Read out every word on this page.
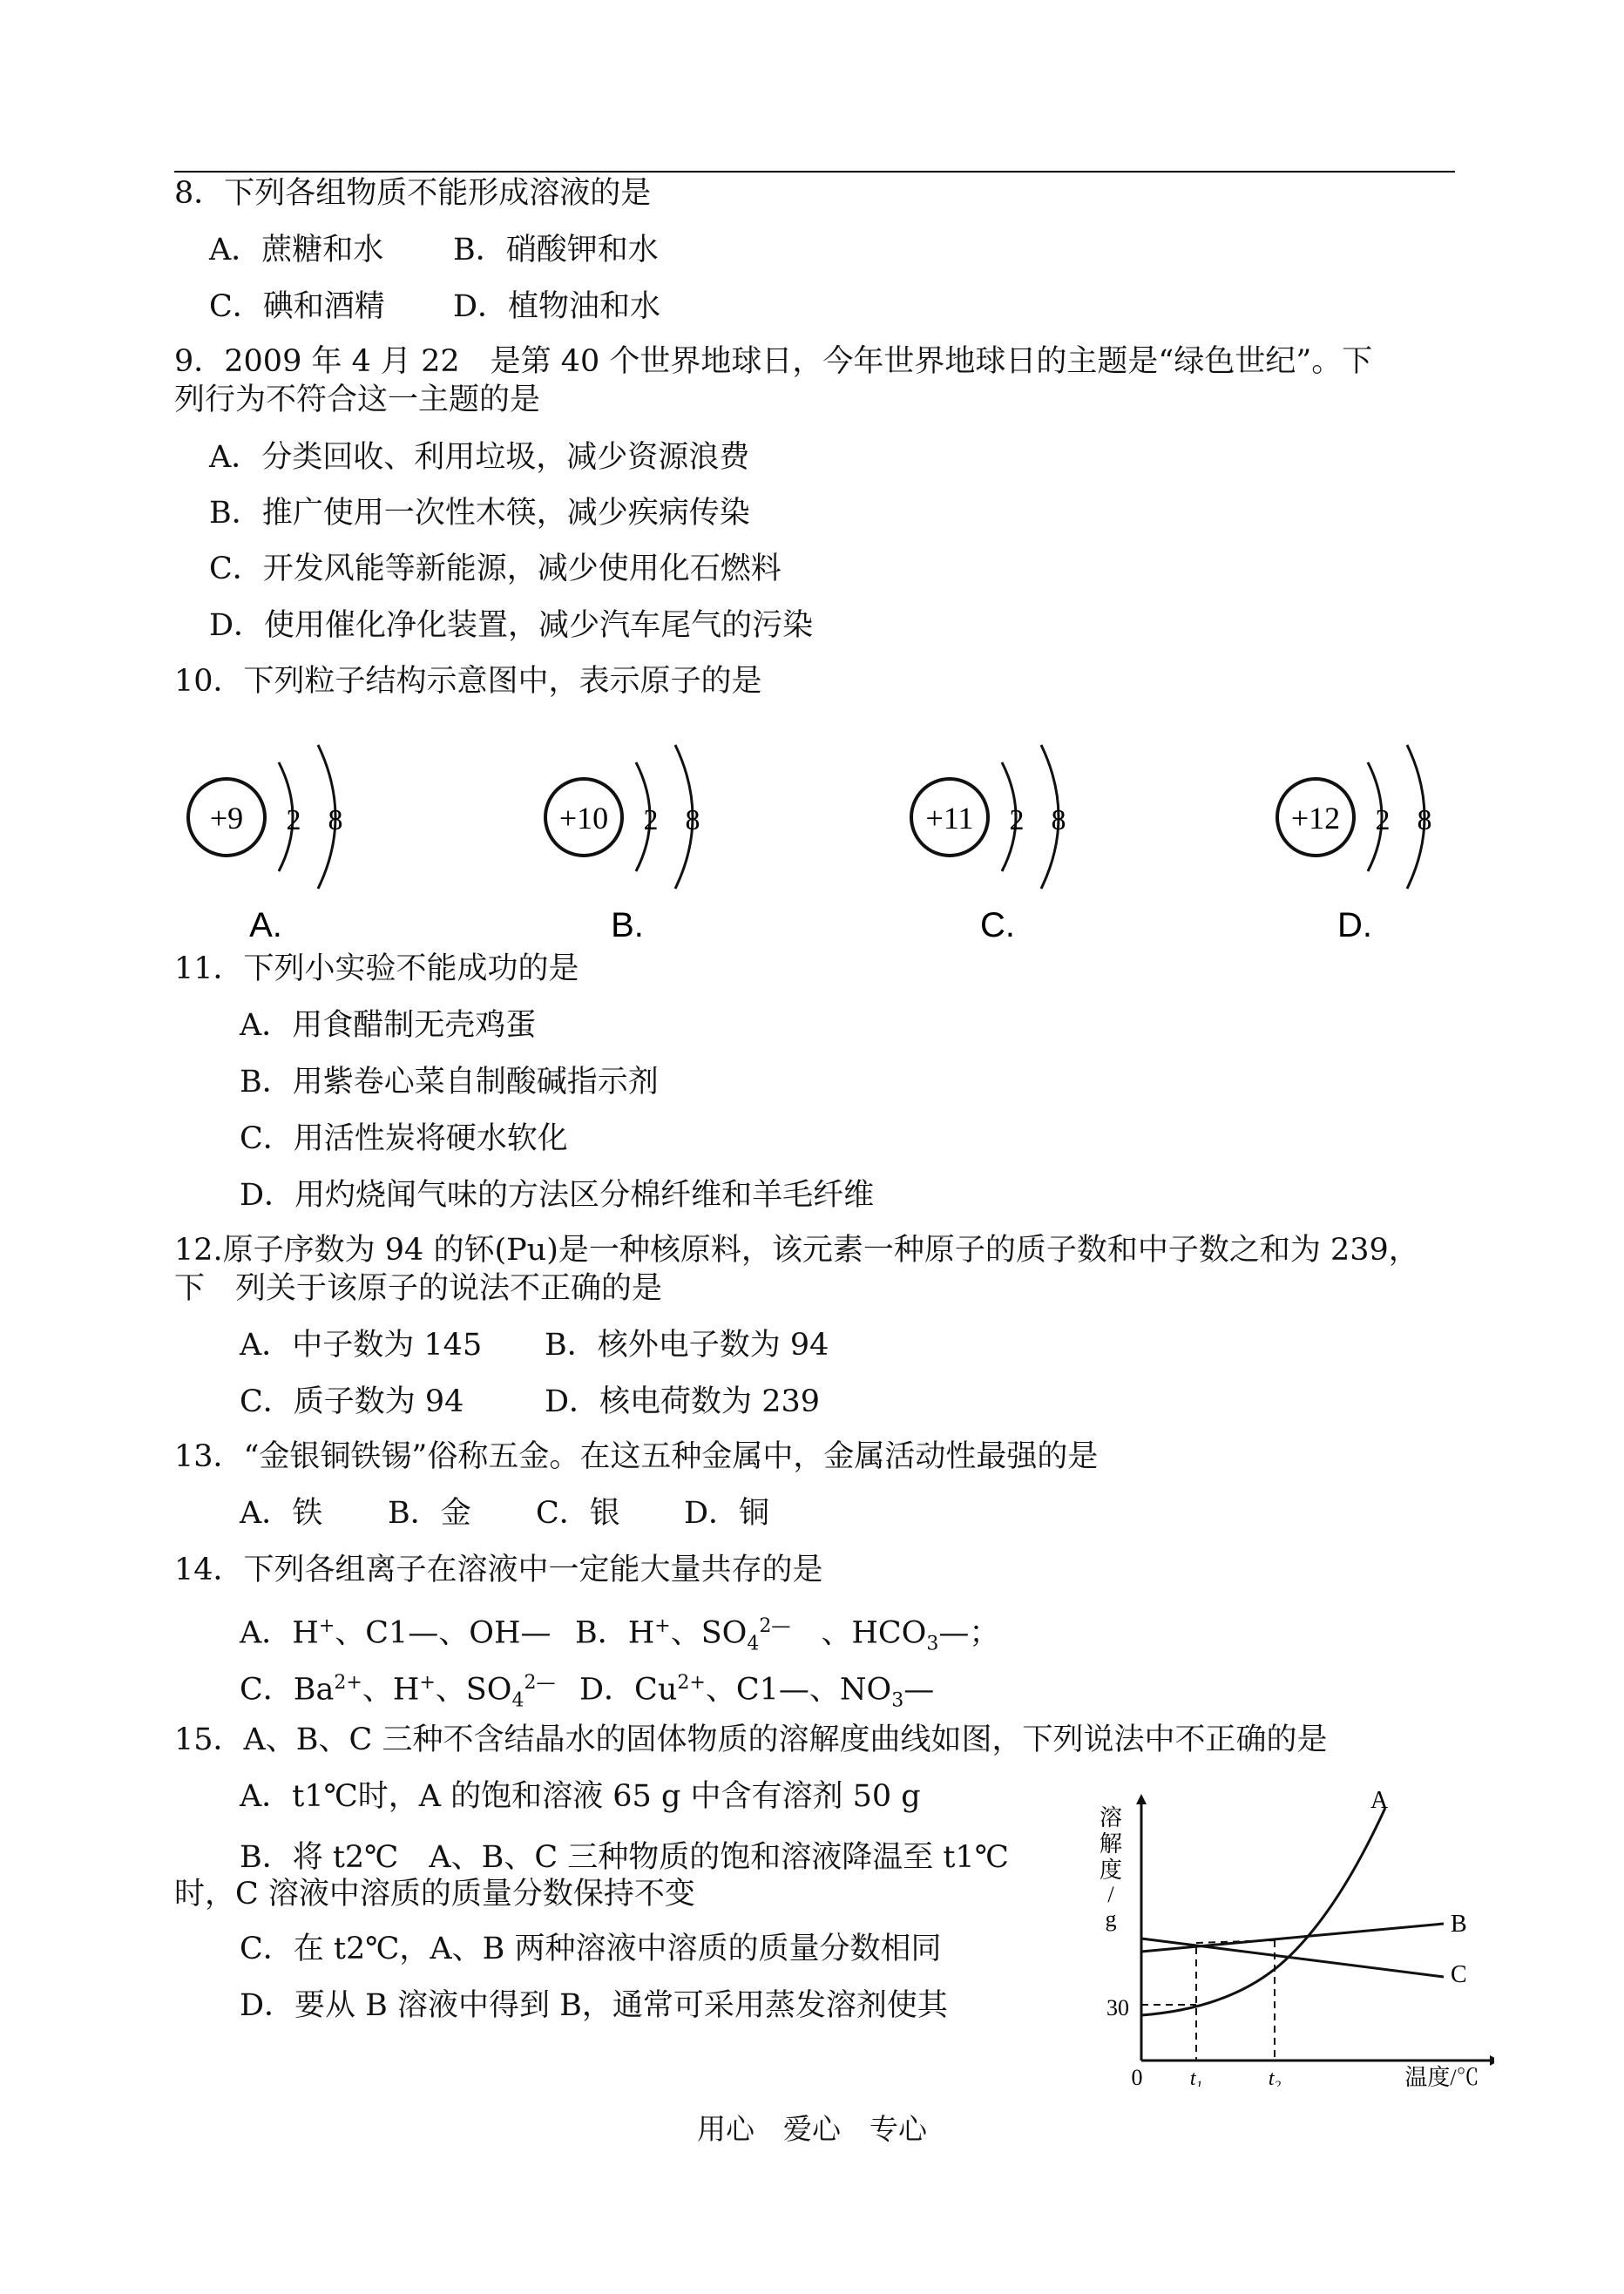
8．下列各组物质不能形成溶液的是
A．蔗糖和水 B．硝酸钾和水
C．碘和酒精 D．植物油和水
9．2009 年 4 月 22　是第 40 个世界地球日，今年世界地球日的主题是“绿色世纪”。下
列行为不符合这一主题的是
A．分类回收、利用垃圾，减少资源浪费
B．推广使用一次性木筷，减少疾病传染
C．开发风能等新能源，减少使用化石燃料
D．使用催化净化装置，减少汽车尾气的污染
10．下列粒子结构示意图中，表示原子的是
+9 2 8
A.
+10 2 8
B.
+11 2 8
C.
+12 2 8
D.
11．下列小实验不能成功的是
A．用食醋制无壳鸡蛋
B．用紫卷心菜自制酸碱指示剂
C．用活性炭将硬水软化
D．用灼烧闻气味的方法区分棉纤维和羊毛纤维
12.原子序数为 94 的钚(Pu)是一种核原料，该元素一种原子的质子数和中子数之和为 239，
下　列关于该原子的说法不正确的是
A．中子数为 145 B．核外电子数为 94
C．质子数为 94	D．核电荷数为 239
13．“金银铜铁锡”俗称五金。在这五种金属中，金属活动性最强的是
A．铁 B．金 C．银 D．铜
14．下列各组离子在溶液中一定能大量共存的是
A．H+、C1—、OH— B．H+、$SO_4^{2—}$　、$HCO_3—$；
C．$Ba^{2+}$、H+、$SO_4^{2—}$ D．$Cu^{2+}$、C1—、$NO_3—$
15．A、B、C 三种不含结晶水的固体物质的溶解度曲线如图，下列说法中不正确的是
A．t1℃时，A 的饱和溶液 65 g 中含有溶剂 50 g
B．将 t2℃　A、B、C 三种物质的饱和溶液降温至 t1℃
时，C 溶液中溶质的质量分数保持不变
C．在 t2℃，A、B 两种溶液中溶质的质量分数相同
D．要从 B 溶液中得到 B，通常可采用蒸发溶剂使其
溶
解
度
/
g
30
0 $t_1$	$t_2$	温度/℃
A
B
C
用心　爱心　专心
